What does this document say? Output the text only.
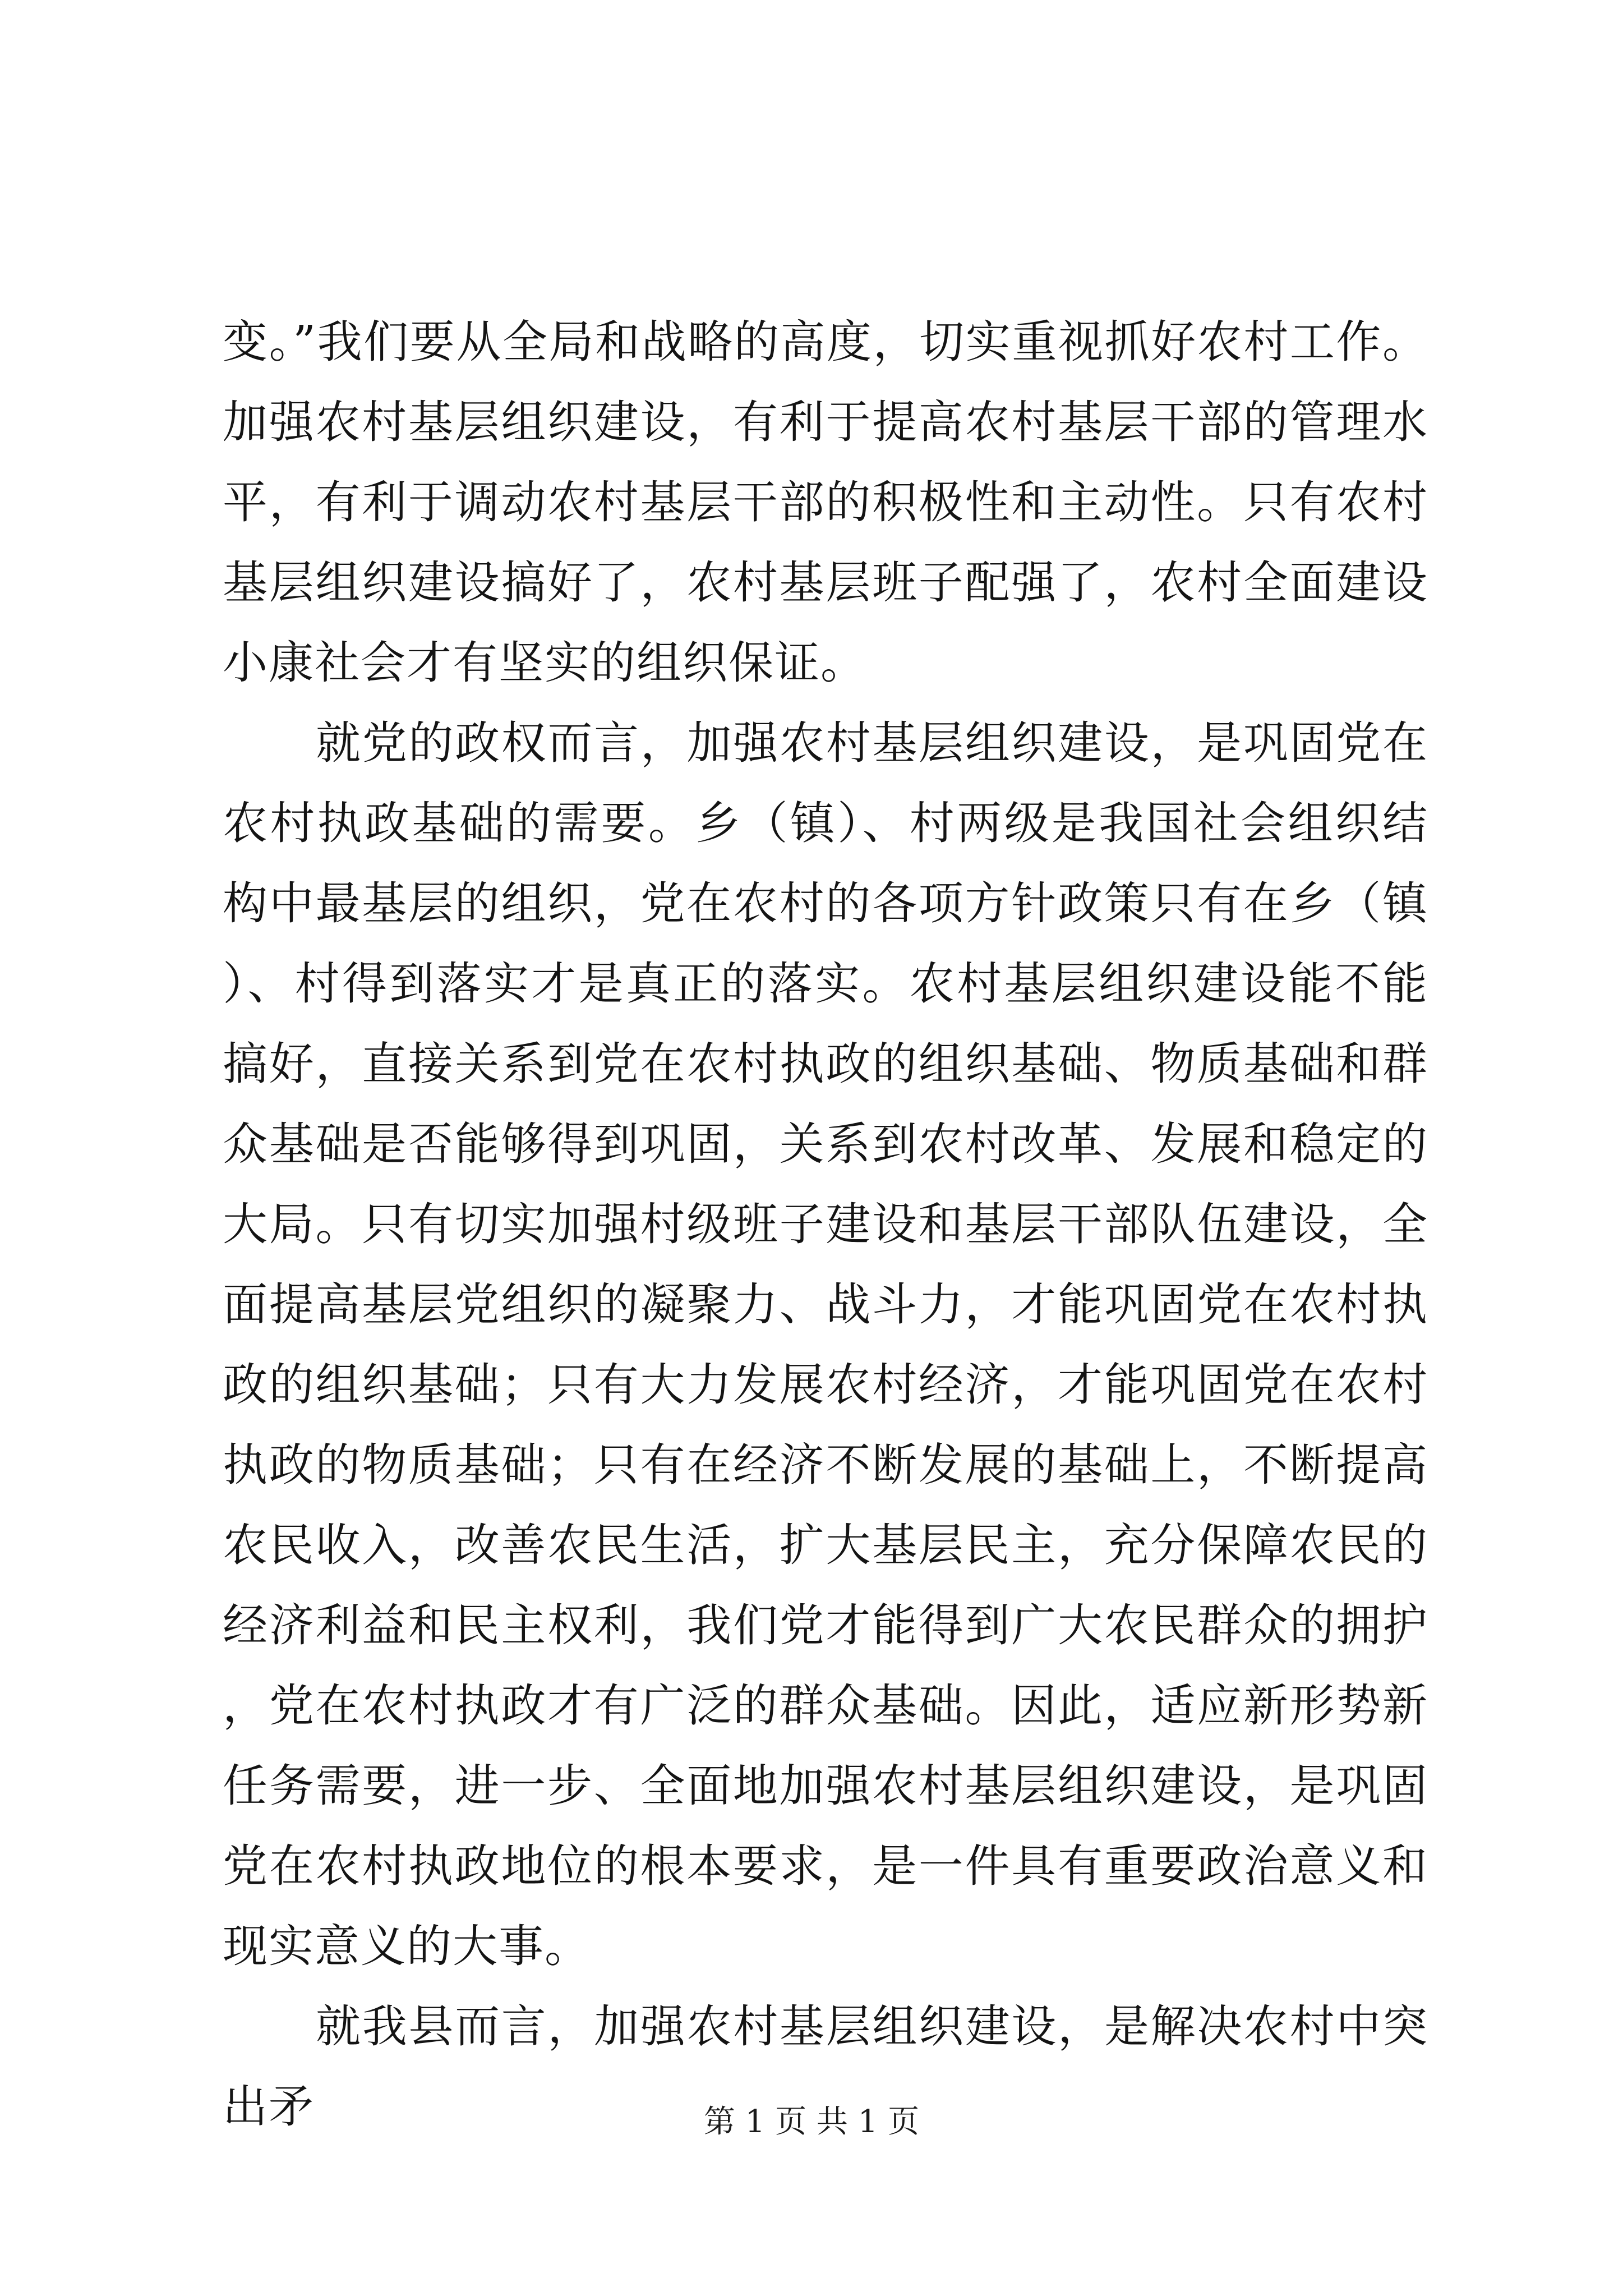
变。”我们要从全局和战略的高度，切实重视抓好农村工作。加强农村基层组织建设，有利于提高农村基层干部的管理水平，有利于调动农村基层干部的积极性和主动性。只有农村基层组织建设搞好了，农村基层班子配强了，农村全面建设小康社会才有坚实的组织保证。

就党的政权而言，加强农村基层组织建设，是巩固党在农村执政基础的需要。乡（镇）、村两级是我国社会组织结构中最基层的组织，党在农村的各项方针政策只有在乡（镇）、村得到落实才是真正的落实。农村基层组织建设能不能搞好，直接关系到党在农村执政的组织基础、物质基础和群众基础是否能够得到巩固，关系到农村改革、发展和稳定的大局。只有切实加强村级班子建设和基层干部队伍建设，全面提高基层党组织的凝聚力、战斗力，才能巩固党在农村执政的组织基础；只有大力发展农村经济，才能巩固党在农村执政的物质基础；只有在经济不断发展的基础上，不断提高农民收入，改善农民生活，扩大基层民主，充分保障农民的经济利益和民主权利，我们党才能得到广大农民群众的拥护，党在农村执政才有广泛的群众基础。因此，适应新形势新任务需要，进一步、全面地加强农村基层组织建设，是巩固党在农村执政地位的根本要求，是一件具有重要政治意义和现实意义的大事。

就我县而言，加强农村基层组织建设，是解决农村中突出矛	第 1 页 共 1 页
